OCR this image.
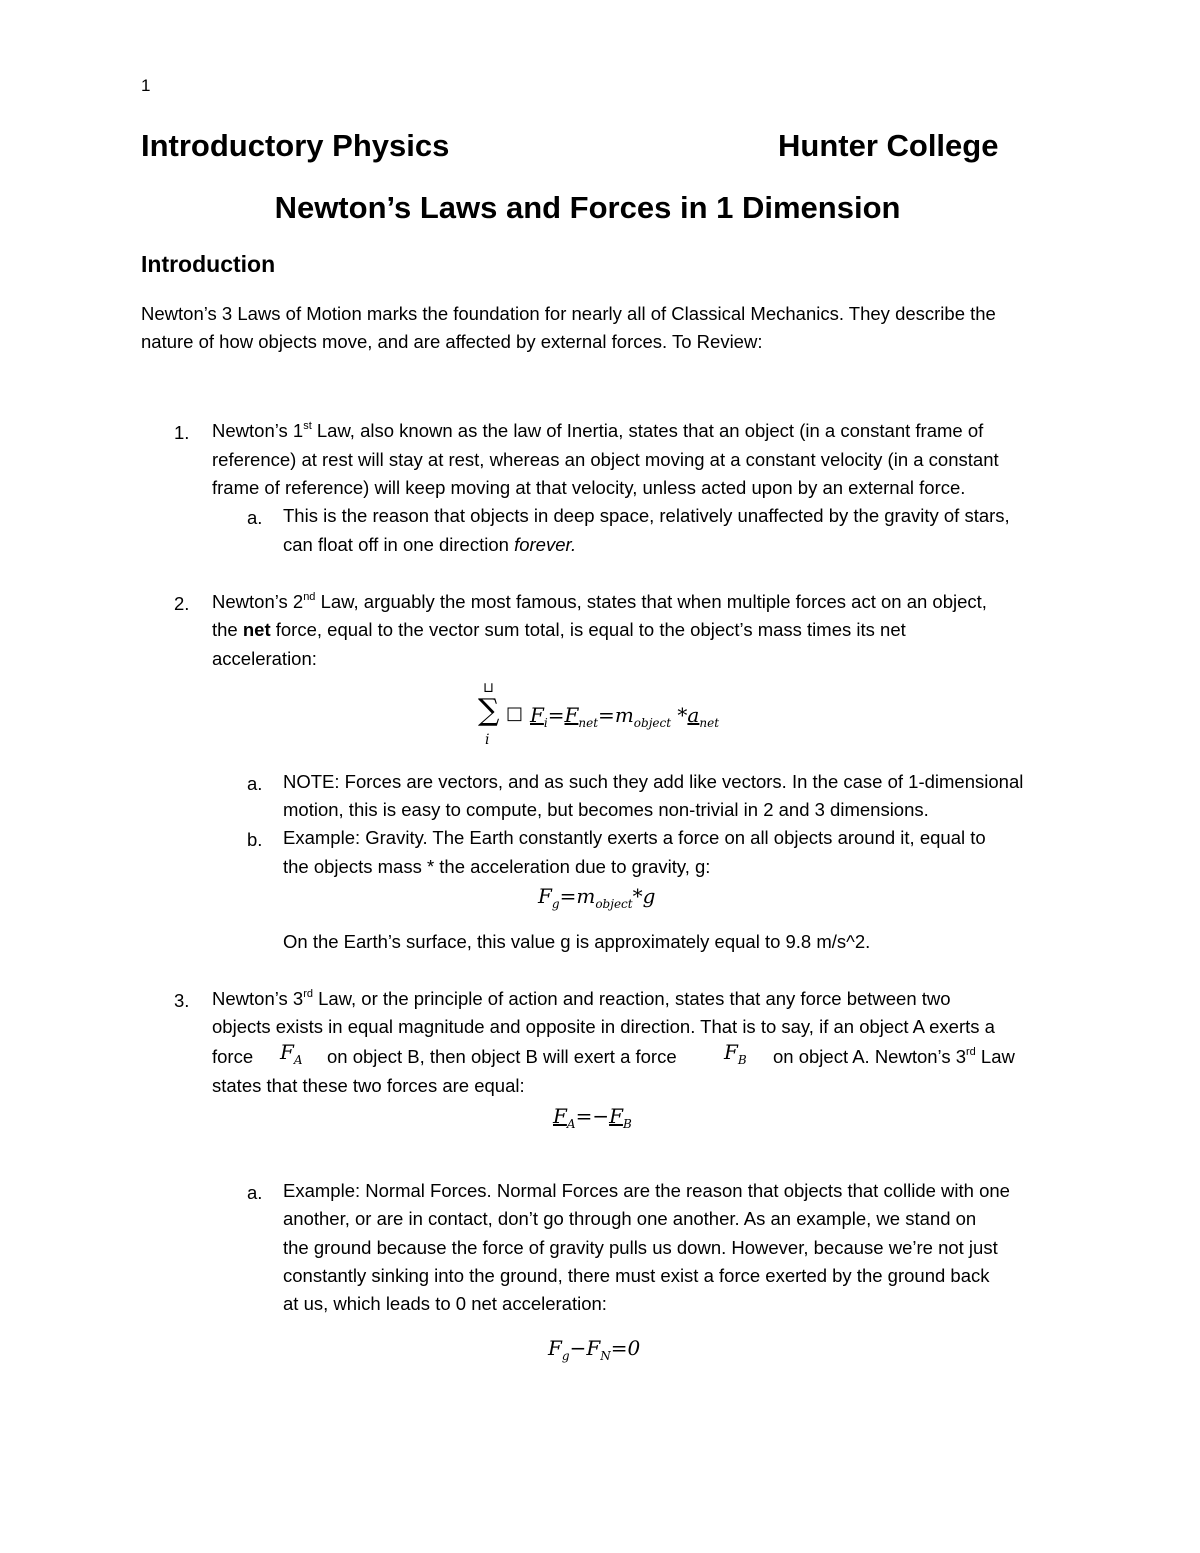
1
Introductory Physics	Hunter College
Newton’s Laws and Forces in 1 Dimension
Introduction
Newton’s 3 Laws of Motion marks the foundation for nearly all of Classical Mechanics. They describe the
nature of how objects move, and are affected by external forces. To Review:
1. Newton’s 1st Law, also known as the law of Inertia, states that an object (in a constant frame of
reference) at rest will stay at rest, whereas an object moving at a constant velocity (in a constant
frame of reference) will keep moving at that velocity, unless acted upon by an external force.
a. This is the reason that objects in deep space, relatively unaffected by the gravity of stars,
can float off in one direction forever.
2. Newton’s 2nd Law, arguably the most famous, states that when multiple forces act on an object,
the net force, equal to the vector sum total, is equal to the object’s mass times its net
acceleration:
⊔
∑
i
□ $F_i=F_{net}=m_{object}$ $*a_{net}$
a. NOTE: Forces are vectors, and as such they add like vectors. In the case of 1-dimensional
motion, this is easy to compute, but becomes non-trivial in 2 and 3 dimensions.
b. Example: Gravity. The Earth constantly exerts a force on all objects around it, equal to
the objects mass * the acceleration due to gravity, g:
$F_g=m_{object}*g$
On the Earth’s surface, this value g is approximately equal to 9.8 m/s^2.
3. Newton’s 3rd Law, or the principle of action and reaction, states that any force between two
objects exists in equal magnitude and opposite in direction. That is to say, if an object A exerts a
force $F_A$ on object B, then object B will exert a force $F_B$ on object A. Newton’s 3rd Law
states that these two forces are equal:
$F_A=-F_B$
a. Example: Normal Forces. Normal Forces are the reason that objects that collide with one
another, or are in contact, don’t go through one another. As an example, we stand on
the ground because the force of gravity pulls us down. However, because we’re not just
constantly sinking into the ground, there must exist a force exerted by the ground back
at us, which leads to 0 net acceleration:
$F_g-F_N=0$
